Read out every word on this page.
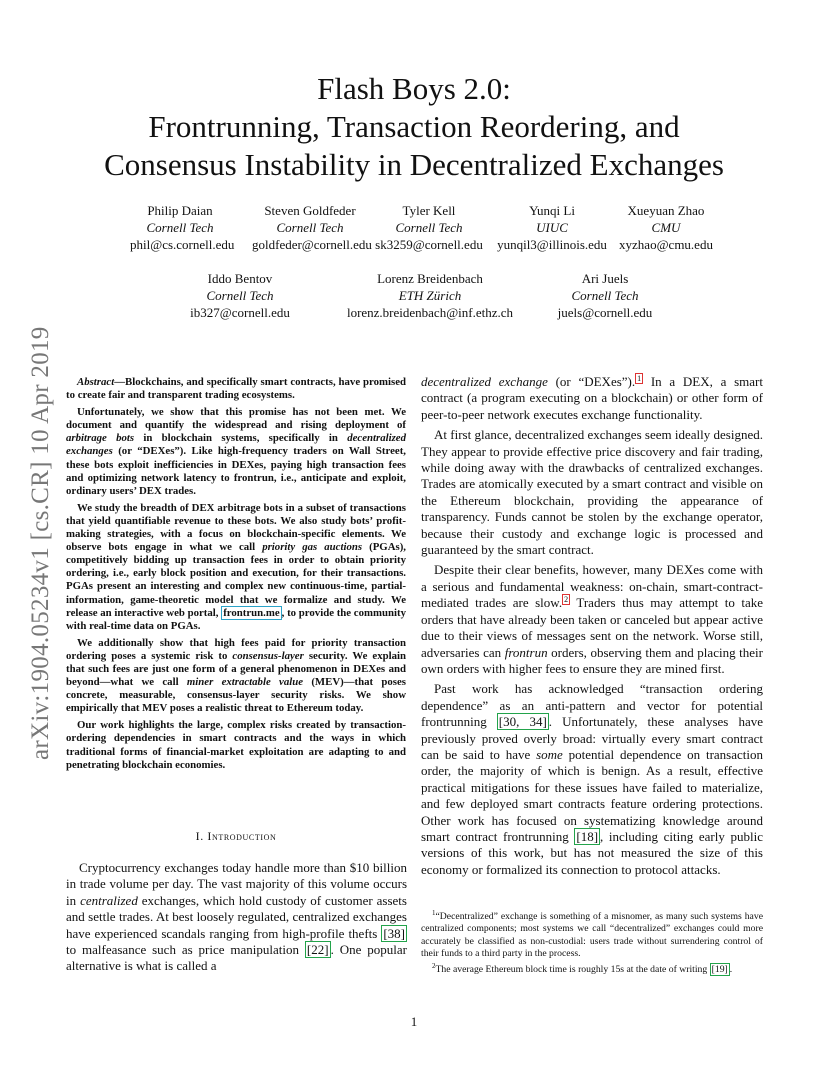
arXiv:1904.05234v1 [cs.CR] 10 Apr 2019
Flash Boys 2.0:
Frontrunning, Transaction Reordering, and
Consensus Instability in Decentralized Exchanges
Philip Daian
Cornell Tech
phil@cs.cornell.edu
Steven Goldfeder
Cornell Tech
goldfeder@cornell.edu
Tyler Kell
Cornell Tech
sk3259@cornell.edu
Yunqi Li
UIUC
yunqil3@illinois.edu
Xueyuan Zhao
CMU
xyzhao@cmu.edu
Iddo Bentov
Cornell Tech
ib327@cornell.edu
Lorenz Breidenbach
ETH Zürich
lorenz.breidenbach@inf.ethz.ch
Ari Juels
Cornell Tech
juels@cornell.edu

Abstract—Blockchains, and specifically smart contracts, have promised to create fair and transparent trading ecosystems.

Unfortunately, we show that this promise has not been met. We document and quantify the widespread and rising deployment of arbitrage bots in blockchain systems, specifically in decentralized exchanges (or “DEXes”). Like high-frequency traders on Wall Street, these bots exploit inefficiencies in DEXes, paying high transaction fees and optimizing network latency to frontrun, i.e., anticipate and exploit, ordinary users’ DEX trades.

We study the breadth of DEX arbitrage bots in a subset of transactions that yield quantifiable revenue to these bots. We also study bots’ profit-making strategies, with a focus on blockchain-specific elements. We observe bots engage in what we call priority gas auctions (PGAs), competitively bidding up transaction fees in order to obtain priority ordering, i.e., early block position and execution, for their transactions. PGAs present an interesting and complex new continuous-time, partial-information, game-theoretic model that we formalize and study. We release an interactive web portal, frontrun.me , to provide the community with real-time data on PGAs.

We additionally show that high fees paid for priority transaction ordering poses a systemic risk to consensus-layer security. We explain that such fees are just one form of a general phenomenon in DEXes and beyond—what we call miner extractable value (MEV)—that poses concrete, measurable, consensus-layer security risks. We show empirically that MEV poses a realistic threat to Ethereum today.

Our work highlights the large, complex risks created by transaction-ordering dependencies in smart contracts and the ways in which traditional forms of financial-market exploitation are adapting to and penetrating blockchain economies.

I. Introduction

Cryptocurrency exchanges today handle more than $10 billion in trade volume per day. The vast majority of this volume occurs in centralized exchanges, which hold custody of customer assets and settle trades. At best loosely regulated, centralized exchanges have experienced scandals ranging from high-profile thefts [38] to malfeasance such as price manipulation [22] . One popular alternative is what is called a

decentralized exchange (or “DEXes”). $^1$ In a DEX, a smart contract (a program executing on a blockchain) or other form of peer-to-peer network executes exchange functionality.

At first glance, decentralized exchanges seem ideally designed. They appear to provide effective price discovery and fair trading, while doing away with the drawbacks of centralized exchanges. Trades are atomically executed by a smart contract and visible on the Ethereum blockchain, providing the appearance of transparency. Funds cannot be stolen by the exchange operator, because their custody and exchange logic is processed and guaranteed by the smart contract.

Despite their clear benefits, however, many DEXes come with a serious and fundamental weakness: on-chain, smart-contract-mediated trades are slow. $^2$ Traders thus may attempt to take orders that have already been taken or canceled but appear active due to their views of messages sent on the network. Worse still, adversaries can frontrun orders, observing them and placing their own orders with higher fees to ensure they are mined first.

Past work has acknowledged “transaction ordering dependence” as an anti-pattern and vector for potential frontrunning [30, 34] . Unfortunately, these analyses have previously proved overly broad: virtually every smart contract can be said to have some potential dependence on transaction order, the majority of which is benign. As a result, effective practical mitigations for these issues have failed to materialize, and few deployed smart contracts feature ordering protections. Other work has focused on systematizing knowledge around smart contract frontrunning [18] , including citing early public versions of this work, but has not measured the size of this economy or formalized its connection to protocol attacks.

$^1$“Decentralized” exchange is something of a misnomer, as many such systems have centralized components; most systems we call “decentralized” exchanges could more accurately be classified as non-custodial: users trade without surrendering control of their funds to a third party in the process.

$^2$The average Ethereum block time is roughly 15s at the date of writing [19] .

1
